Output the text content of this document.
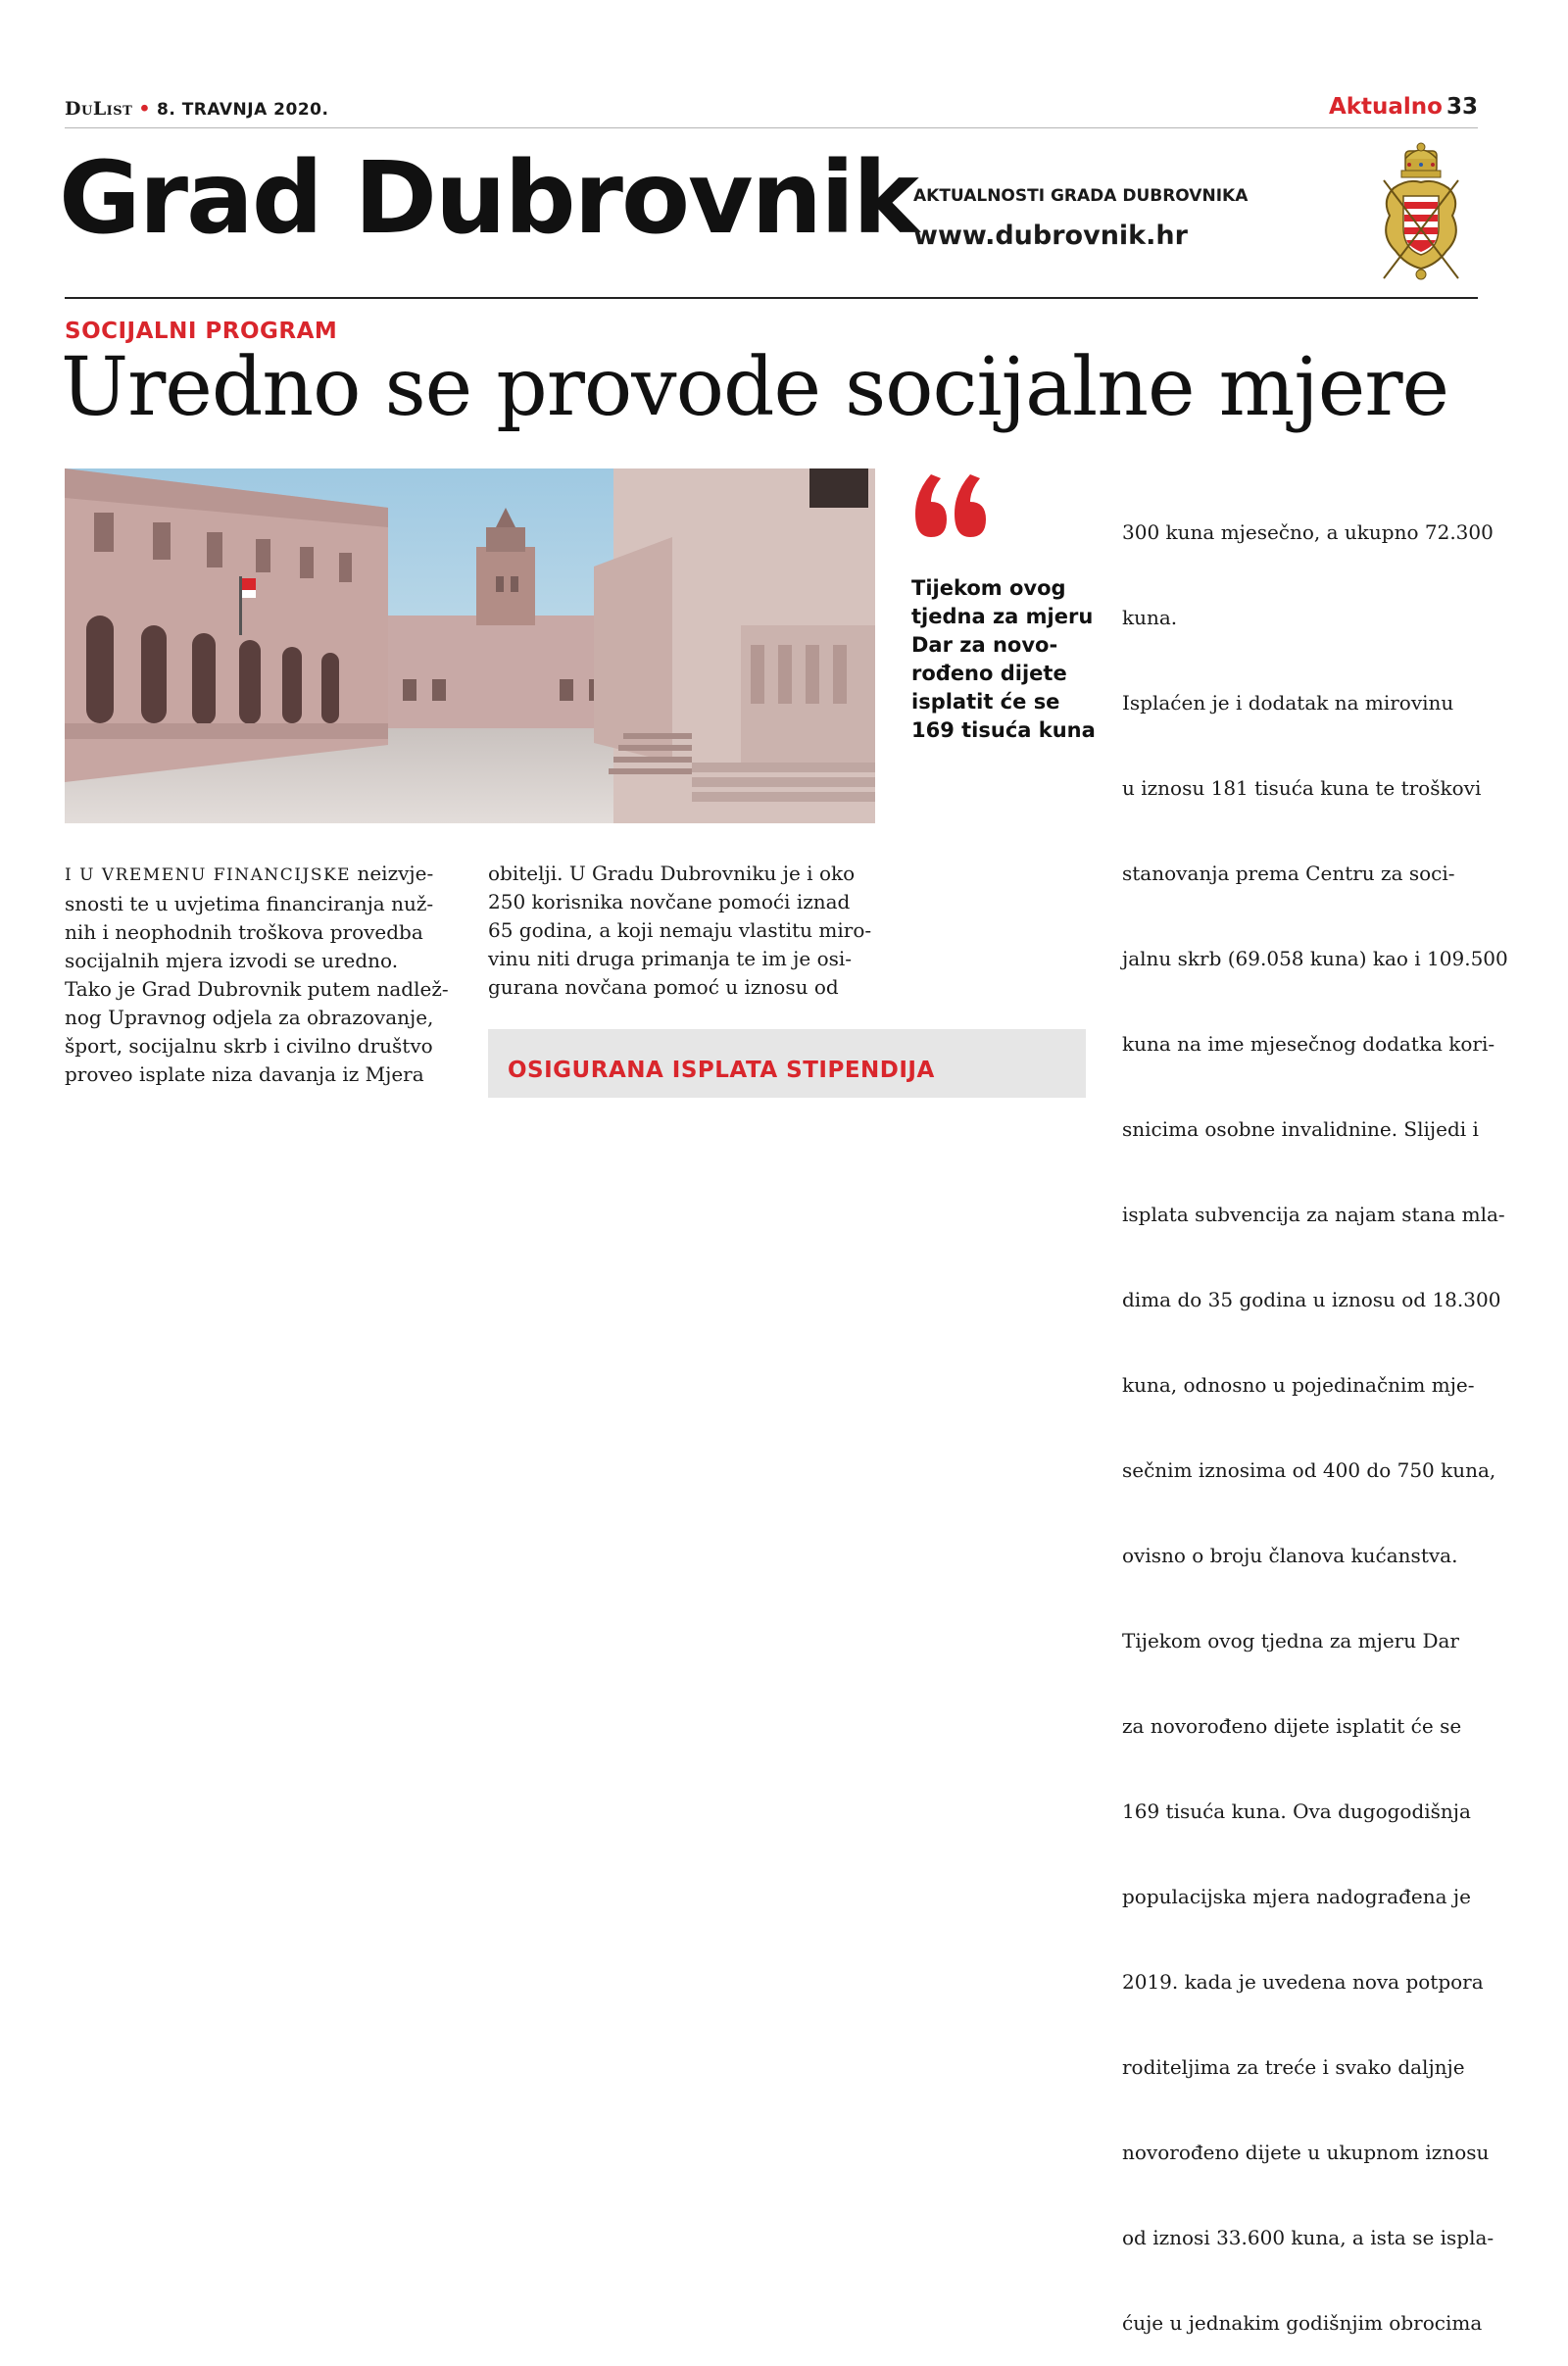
DuList • 8. TRAVNJA 2020.	Aktualno 33
Grad Dubrovnik
AKTUALNOSTI GRADA DUBROVNIKA
www.dubrovnik.hr
SOCIJALNI PROGRAM
Uredno se provode socijalne mjere
Tijekom ovog
tjedna za mjeru
Dar za novo-
rođeno dijete
isplatit će se
169 tisuća kuna
I U VREMENU FINANCIJSKE neizvje-
snosti te u uvjetima financiranja nuž-
nih i neophodnih troškova provedba
socijalnih mjera izvodi se uredno.
Tako je Grad Dubrovnik putem nadlež-
nog Upravnog odjela za obrazovanje,
šport, socijalnu skrb i civilno društvo
proveo isplate niza davanja iz Mjera
obitelji. U Gradu Dubrovniku je i oko
250 korisnika novčane pomoći iznad
65 godina, a koji nemaju vlastitu miro-
vinu niti druga primanja te im je osi-
gurana novčana pomoć u iznosu od
OSIGURANA ISPLATA STIPENDIJA

300 kuna mjesečno, a ukupno 72.300

kuna.

Isplaćen je i dodatak na mirovinu

u iznosu 181 tisuća kuna te troškovi

stanovanja prema Centru za soci-

jalnu skrb (69.058 kuna) kao i 109.500

kuna na ime mjesečnog dodatka kori-

snicima osobne invalidnine. Slijedi i

isplata subvencija za najam stana mla-

dima do 35 godina u iznosu od 18.300

kuna, odnosno u pojedinačnim mje-

sečnim iznosima od 400 do 750 kuna,

ovisno o broju članova kućanstva.

Tijekom ovog tjedna za mjeru Dar

za novorođeno dijete isplatit će se

169 tisuća kuna. Ova dugogodišnja

populacijska mjera nadograđena je

2019. kada je uvedena nova potpora

roditeljima za treće i svako daljnje

novorođeno dijete u ukupnom iznosu

od iznosi 33.600 kuna, a ista se ispla-

ćuje u jednakim godišnjim obrocima
